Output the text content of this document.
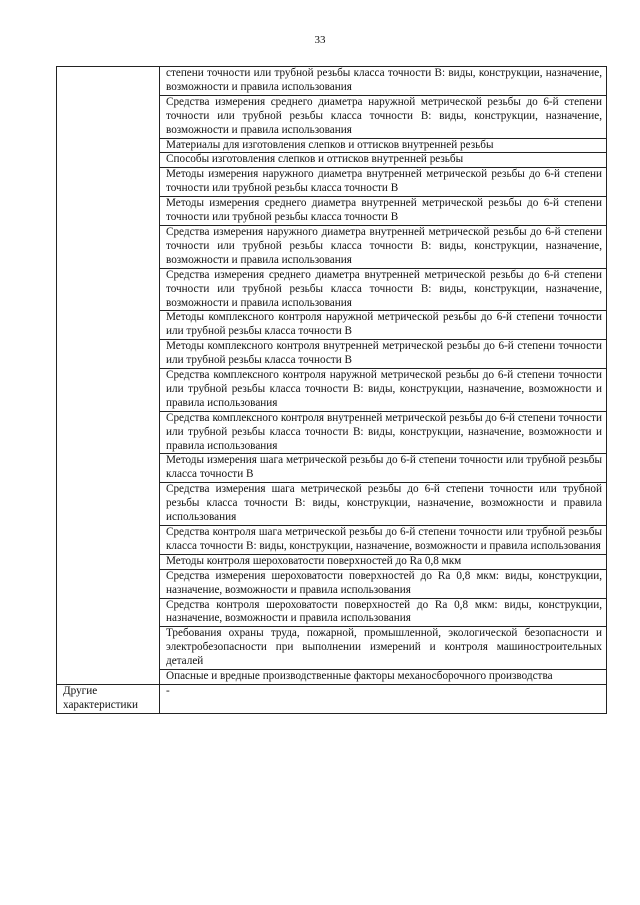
33
	степени точности или трубной резьбы класса точности В: виды, конструкции, назначение, возможности и правила использования
	Средства измерения среднего диаметра наружной метрической резьбы до 6-й степени точности или трубной резьбы класса точности В: виды, конструкции, назначение, возможности и правила использования
	Материалы для изготовления слепков и оттисков внутренней резьбы
	Способы изготовления слепков и оттисков внутренней резьбы
	Методы измерения наружного диаметра внутренней метрической резьбы до 6-й степени точности или трубной резьбы класса точности В
	Методы измерения среднего диаметра внутренней метрической резьбы до 6-й степени точности или трубной резьбы класса точности В
	Средства измерения наружного диаметра внутренней метрической резьбы до 6-й степени точности или трубной резьбы класса точности В: виды, конструкции, назначение, возможности и правила использования
	Средства измерения среднего диаметра внутренней метрической резьбы до 6-й степени точности или трубной резьбы класса точности В: виды, конструкции, назначение, возможности и правила использования
	Методы комплексного контроля наружной метрической резьбы до 6-й степени точности или трубной резьбы класса точности В
	Методы комплексного контроля внутренней метрической резьбы до 6-й степени точности или трубной резьбы класса точности В
	Средства комплексного контроля наружной метрической резьбы до 6-й степени точности или трубной резьбы класса точности В: виды, конструкции, назначение, возможности и правила использования
	Средства комплексного контроля внутренней метрической резьбы до 6-й степени точности или трубной резьбы класса точности В: виды, конструкции, назначение, возможности и правила использования
	Методы измерения шага метрической резьбы до 6-й степени точности или трубной резьбы класса точности В
	Средства измерения шага метрической резьбы до 6-й степени точности или трубной резьбы класса точности В: виды, конструкции, назначение, возможности и правила использования
	Средства контроля шага метрической резьбы до 6-й степени точности или трубной резьбы класса точности В: виды, конструкции, назначение, возможности и правила использования
	Методы контроля шероховатости поверхностей до Ra 0,8 мкм
	Средства измерения шероховатости поверхностей до Ra 0,8 мкм: виды, конструкции, назначение, возможности и правила использования
	Средства контроля шероховатости поверхностей до Ra 0,8 мкм: виды, конструкции, назначение, возможности и правила использования
	Требования охраны труда, пожарной, промышленной, экологической безопасности и электробезопасности при выполнении измерений и контроля машиностроительных деталей
	Опасные и вредные производственные факторы механосборочного производства

Другие
характеристики	-
